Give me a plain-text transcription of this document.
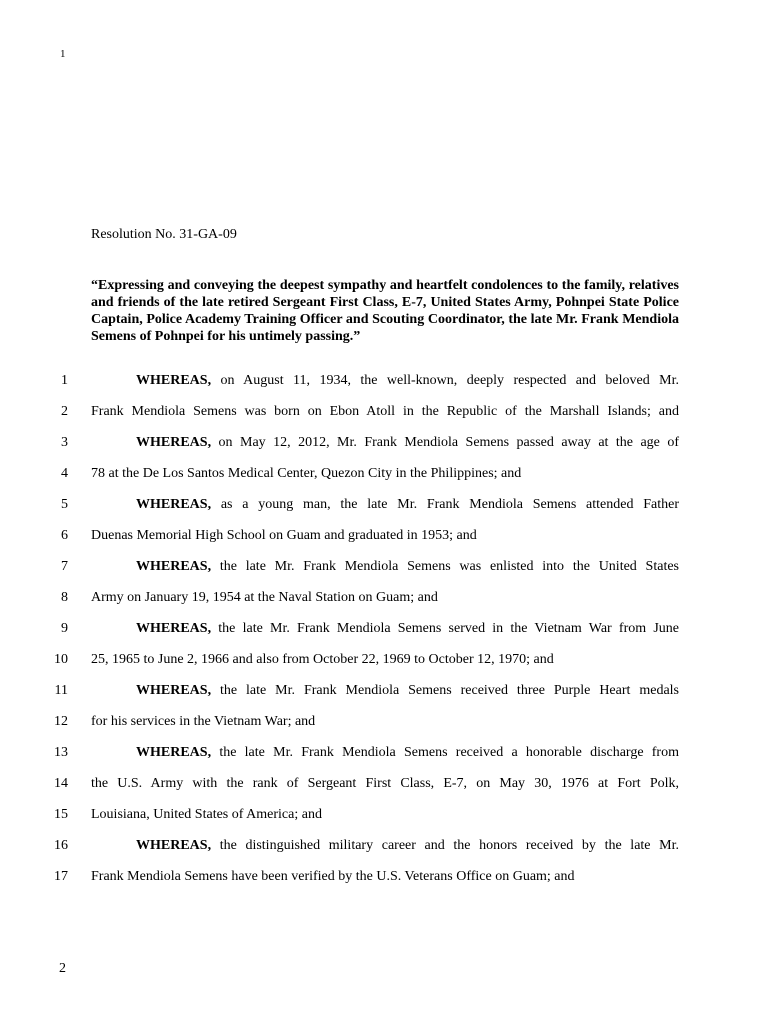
1
Resolution No. 31-GA-09

“Expressing and conveying the deepest sympathy and heartfelt condolences to the family, relatives and friends of the late retired Sergeant First Class, E-7, United States Army, Pohnpei State Police Captain, Police Academy Training Officer and Scouting Coordinator, the late Mr. Frank Mendiola Semens of Pohnpei for his untimely passing.”

1	WHEREAS, on August 11, 1934, the well-known, deeply respected and beloved Mr.
2 Frank Mendiola Semens was born on Ebon Atoll in the Republic of the Marshall Islands; and
3	WHEREAS, on May 12, 2012, Mr. Frank Mendiola Semens passed away at the age of
4 78 at the De Los Santos Medical Center, Quezon City in the Philippines; and
5	WHEREAS, as a young man, the late Mr. Frank Mendiola Semens attended Father
6 Duenas Memorial High School on Guam and graduated in 1953; and
7	WHEREAS, the late Mr. Frank Mendiola Semens was enlisted into the United States
8 Army on January 19, 1954 at the Naval Station on Guam; and
9	WHEREAS, the late Mr. Frank Mendiola Semens served in the Vietnam War from June
10 25, 1965 to June 2, 1966 and also from October 22, 1969 to October 12, 1970; and
11	WHEREAS, the late Mr. Frank Mendiola Semens received three Purple Heart medals
12 for his services in the Vietnam War; and
13	WHEREAS, the late Mr. Frank Mendiola Semens received a honorable discharge from
14 the U.S. Army with the rank of Sergeant First Class, E-7, on May 30, 1976 at Fort Polk,
15 Louisiana, United States of America; and
16	WHEREAS, the distinguished military career and the honors received by the late Mr.
17 Frank Mendiola Semens have been verified by the U.S. Veterans Office on Guam; and
2
